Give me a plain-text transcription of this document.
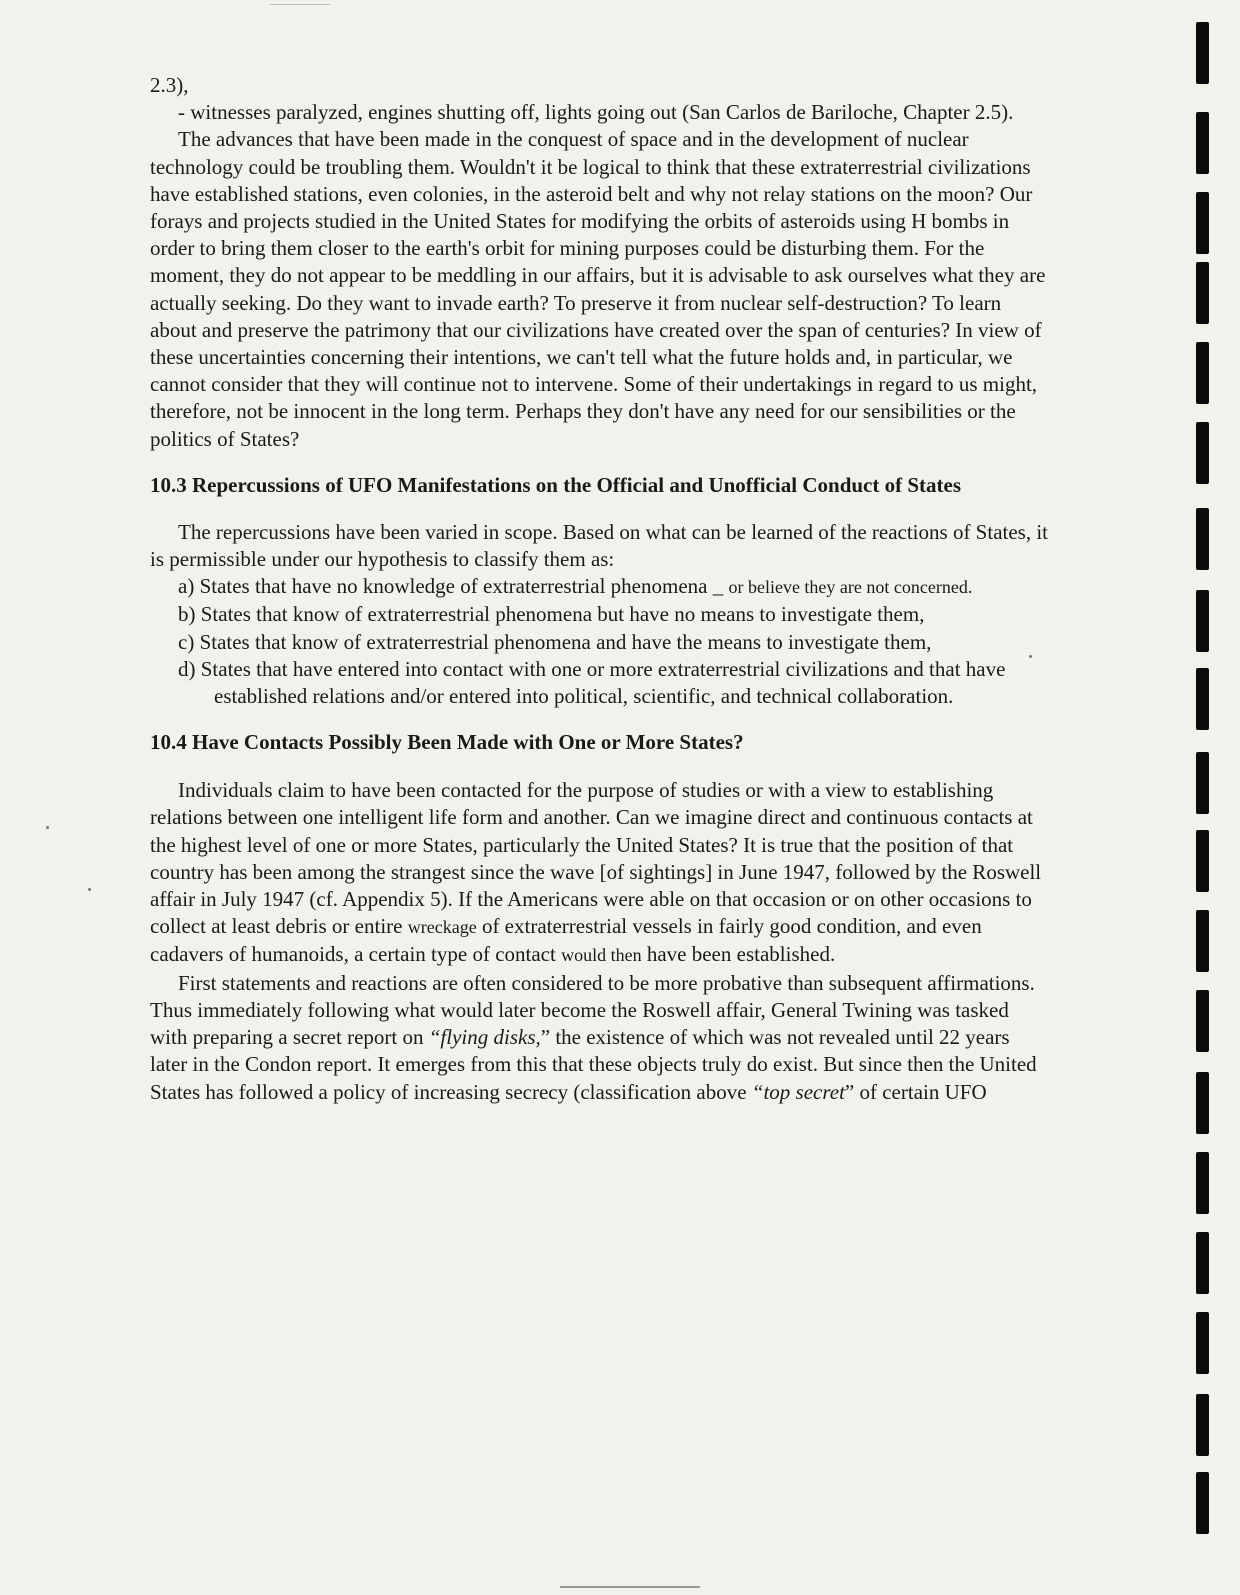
2.3),

- witnesses paralyzed, engines shutting off, lights going out (San Carlos de Bariloche, Chapter 2.5).

The advances that have been made in the conquest of space and in the development of nuclear technology could be troubling them. Wouldn't it be logical to think that these extraterrestrial civilizations have established stations, even colonies, in the asteroid belt and why not relay stations on the moon? Our forays and projects studied in the United States for modifying the orbits of asteroids using H bombs in order to bring them closer to the earth's orbit for mining purposes could be disturbing them. For the moment, they do not appear to be meddling in our affairs, but it is advisable to ask ourselves what they are actually seeking. Do they want to invade earth? To preserve it from nuclear self-destruction? To learn about and preserve the patrimony that our civilizations have created over the span of centuries? In view of these uncertainties concerning their intentions, we can't tell what the future holds and, in particular, we cannot consider that they will continue not to intervene. Some of their undertakings in regard to us might, therefore, not be innocent in the long term. Perhaps they don't have any need for our sensibilities or the politics of States?

10.3 Repercussions of UFO Manifestations on the Official and Unofficial Conduct of States

The repercussions have been varied in scope. Based on what can be learned of the reactions of States, it is permissible under our hypothesis to classify them as:

a) States that have no knowledge of extraterrestrial phenomena _ or believe they are not concerned.

b) States that know of extraterrestrial phenomena but have no means to investigate them,

c) States that know of extraterrestrial phenomena and have the means to investigate them,

d) States that have entered into contact with one or more extraterrestrial civilizations and that have established relations and/or entered into political, scientific, and technical collaboration.

10.4 Have Contacts Possibly Been Made with One or More States?

Individuals claim to have been contacted for the purpose of studies or with a view to establishing relations between one intelligent life form and another. Can we imagine direct and continuous contacts at the highest level of one or more States, particularly the United States? It is true that the position of that country has been among the strangest since the wave [of sightings] in June 1947, followed by the Roswell affair in July 1947 (cf. Appendix 5). If the Americans were able on that occasion or on other occasions to collect at least debris or entire wreckage of extraterrestrial vessels in fairly good condition, and even cadavers of humanoids, a certain type of contact would then have been established.

First statements and reactions are often considered to be more probative than subsequent affirmations. Thus immediately following what would later become the Roswell affair, General Twining was tasked with preparing a secret report on “flying disks,” the existence of which was not revealed until 22 years later in the Condon report. It emerges from this that these objects truly do exist. But since then the United States has followed a policy of increasing secrecy (classification above “top secret” of certain UFO
